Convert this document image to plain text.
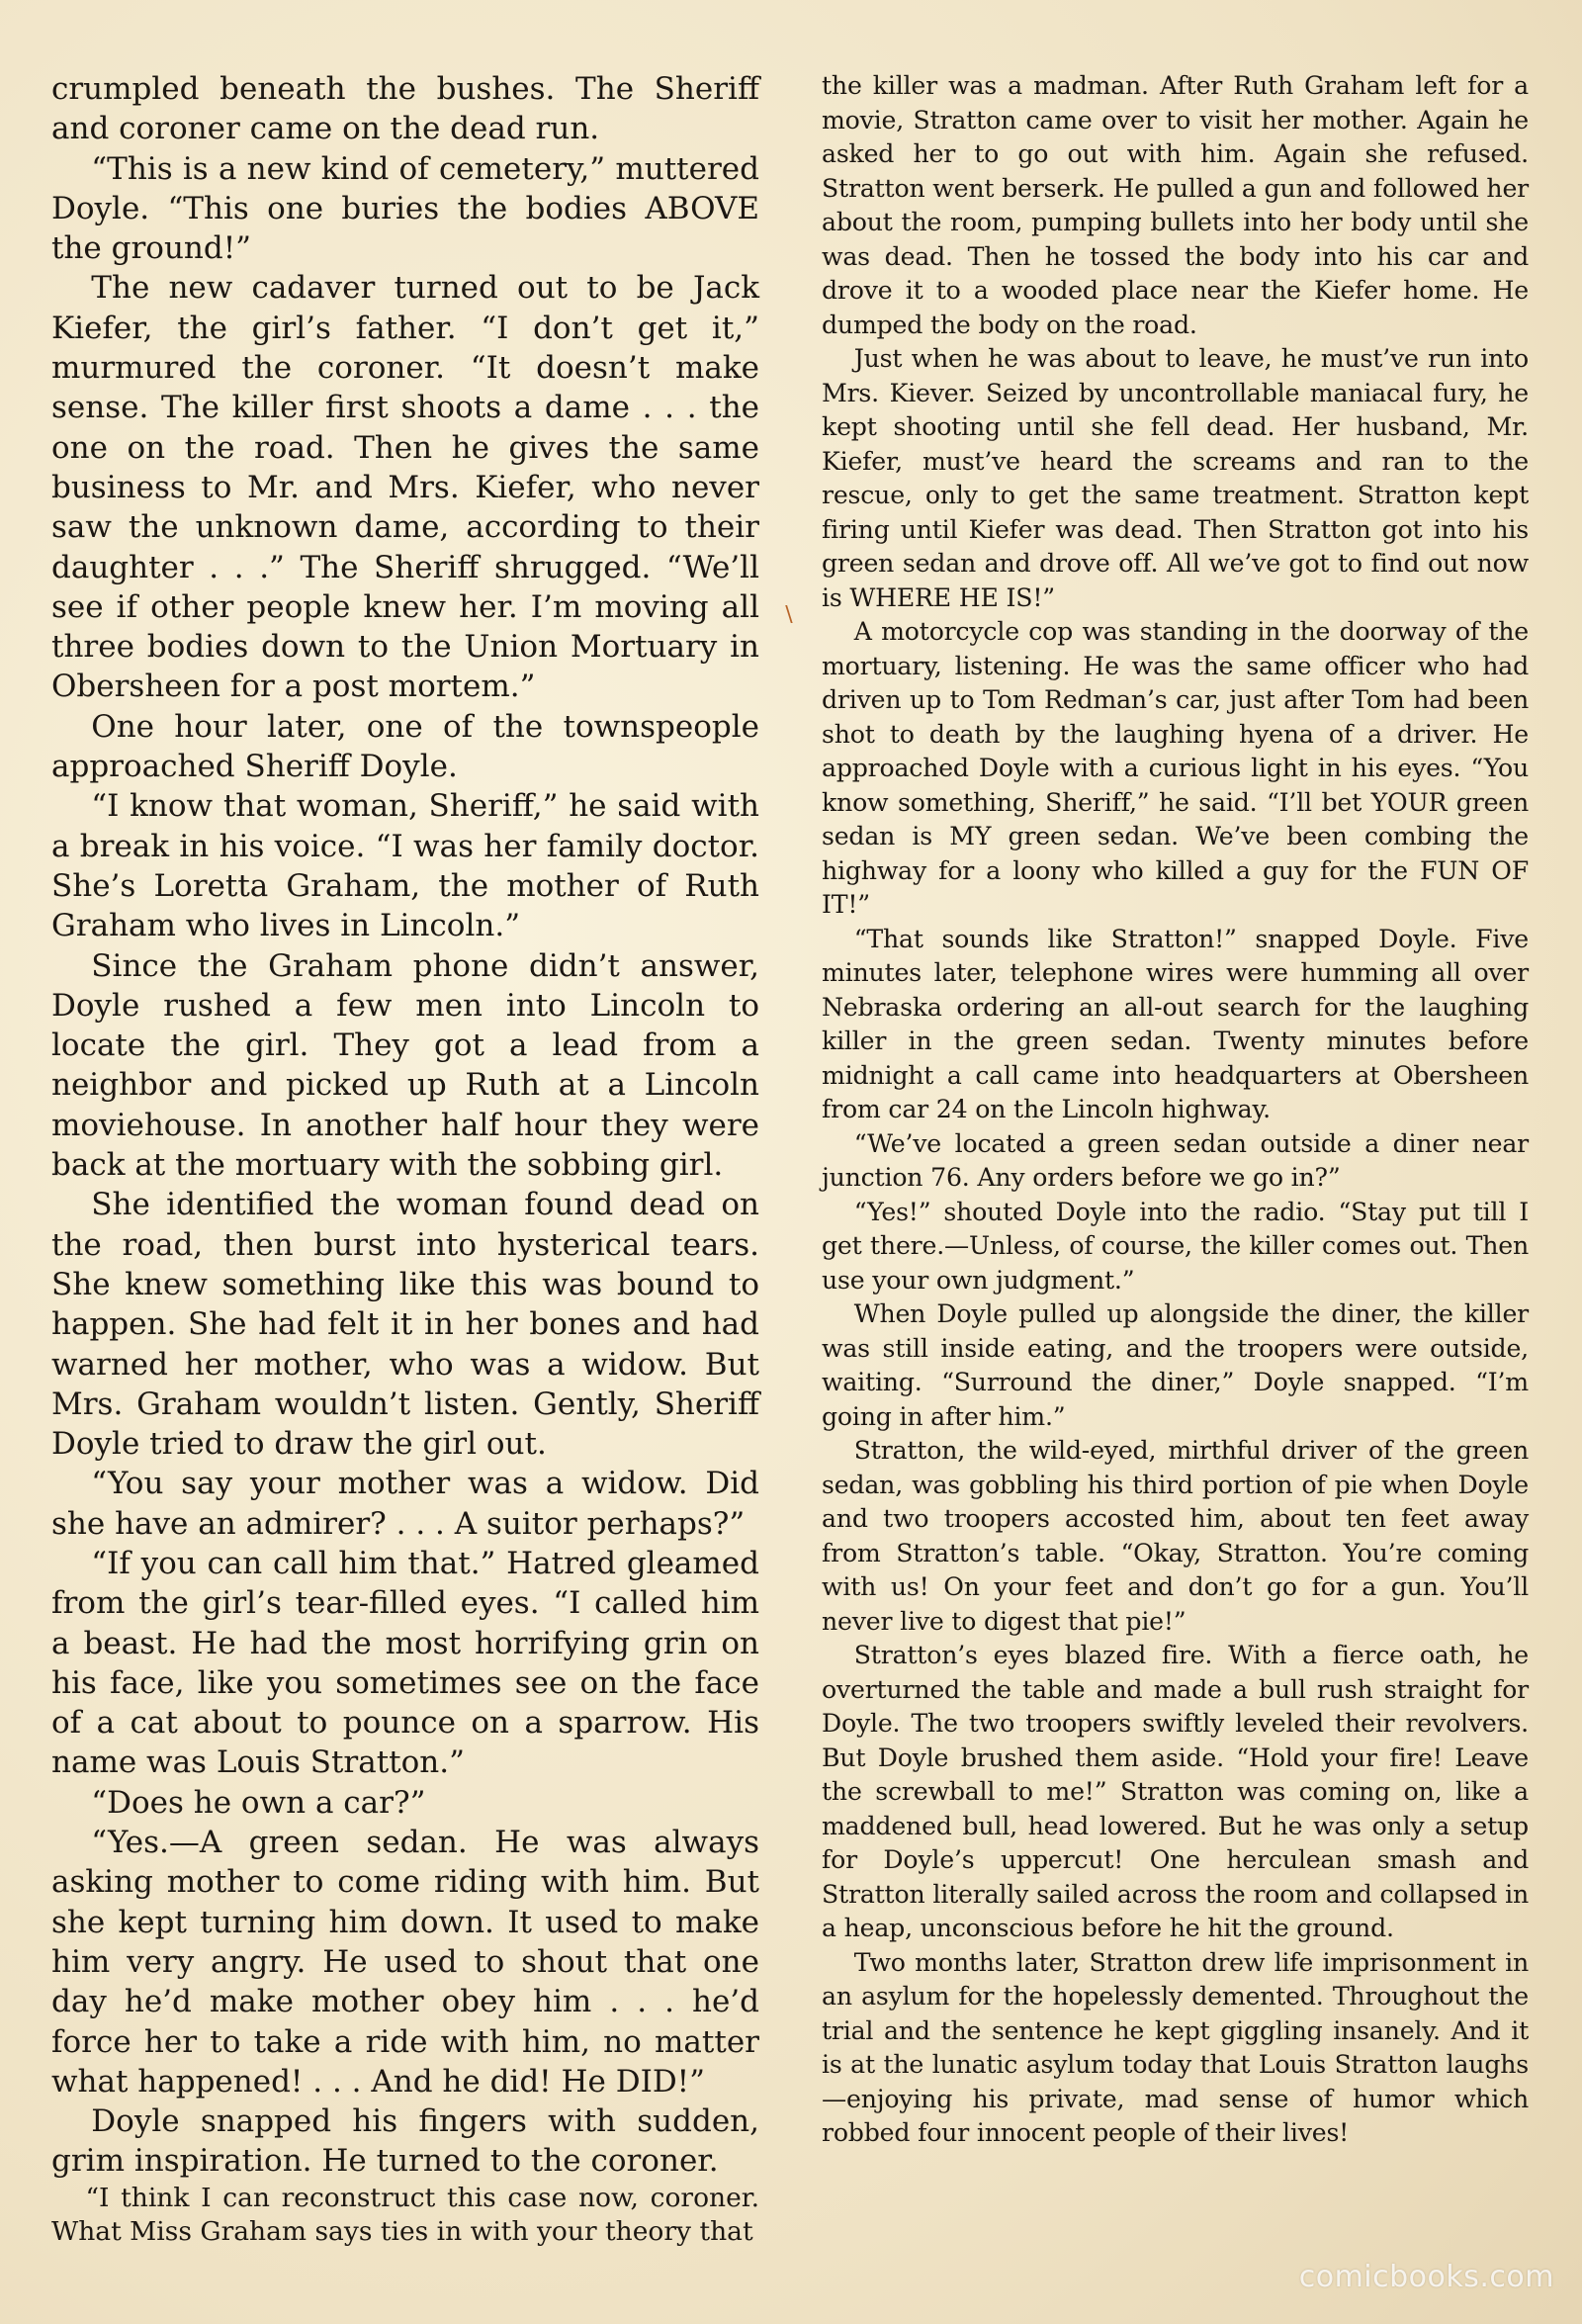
crumpled beneath the bushes. The Sheriff and coroner came on the dead run.

“This is a new kind of cemetery,” muttered Doyle. “This one buries the bodies ABOVE the ground!”

The new cadaver turned out to be Jack Kiefer, the girl’s father. “I don’t get it,” murmured the coroner. “It doesn’t make sense. The killer first shoots a dame . . . the one on the road. Then he gives the same business to Mr. and Mrs. Kiefer, who never saw the unknown dame, according to their daughter . . .” The Sheriff shrugged. “We’ll see if other people knew her. I’m moving all three bodies down to the Union Mortuary in Obersheen for a post mortem.”

One hour later, one of the townspeople approached Sheriff Doyle.

“I know that woman, Sheriff,” he said with a break in his voice. “I was her family doctor. She’s Loretta Graham, the mother of Ruth Graham who lives in Lincoln.”

Since the Graham phone didn’t answer, Doyle rushed a few men into Lincoln to locate the girl. They got a lead from a neighbor and picked up Ruth at a Lincoln moviehouse. In another half hour they were back at the mortuary with the sobbing girl.

She identified the woman found dead on the road, then burst into hysterical tears. She knew something like this was bound to happen. She had felt it in her bones and had warned her mother, who was a widow. But Mrs. Graham wouldn’t listen. Gently, Sheriff Doyle tried to draw the girl out.

“You say your mother was a widow. Did she have an admirer? . . . A suitor perhaps?”

“If you can call him that.” Hatred gleamed from the girl’s tear-filled eyes. “I called him a beast. He had the most horrifying grin on his face, like you sometimes see on the face of a cat about to pounce on a sparrow. His name was Louis Stratton.”

“Does he own a car?”

“Yes.—A green sedan. He was always asking mother to come riding with him. But she kept turning him down. It used to make him very angry. He used to shout that one day he’d make mother obey him . . . he’d force her to take a ride with him, no matter what happened! . . . And he did! He DID!”

Doyle snapped his fingers with sudden, grim inspiration. He turned to the coroner.

“I think I can reconstruct this case now, coroner. What Miss Graham says ties in with your theory that

the killer was a madman. After Ruth Graham left for a movie, Stratton came over to visit her mother. Again he asked her to go out with him. Again she refused. Stratton went berserk. He pulled a gun and followed her about the room, pumping bullets into her body until she was dead. Then he tossed the body into his car and drove it to a wooded place near the Kiefer home. He dumped the body on the road.

Just when he was about to leave, he must’ve run into Mrs. Kiever. Seized by uncontrollable maniacal fury, he kept shooting until she fell dead. Her husband, Mr. Kiefer, must’ve heard the screams and ran to the rescue, only to get the same treatment. Stratton kept firing until Kiefer was dead. Then Stratton got into his green sedan and drove off. All we’ve got to find out now is WHERE HE IS!”

A motorcycle cop was standing in the doorway of the mortuary, listening. He was the same officer who had driven up to Tom Redman’s car, just after Tom had been shot to death by the laughing hyena of a driver. He approached Doyle with a curious light in his eyes. “You know something, Sheriff,” he said. “I’ll bet YOUR green sedan is MY green sedan. We’ve been combing the highway for a loony who killed a guy for the FUN OF IT!”

“That sounds like Stratton!” snapped Doyle. Five minutes later, telephone wires were humming all over Nebraska ordering an all-out search for the laughing killer in the green sedan. Twenty minutes before midnight a call came into headquarters at Obersheen from car 24 on the Lincoln highway.

“We’ve located a green sedan outside a diner near junction 76. Any orders before we go in?”

“Yes!” shouted Doyle into the radio. “Stay put till I get there.—Unless, of course, the killer comes out. Then use your own judgment.”

When Doyle pulled up alongside the diner, the killer was still inside eating, and the troopers were outside, waiting. “Surround the diner,” Doyle snapped. “I’m going in after him.”

Stratton, the wild-eyed, mirthful driver of the green sedan, was gobbling his third portion of pie when Doyle and two troopers accosted him, about ten feet away from Stratton’s table. “Okay, Stratton. You’re coming with us! On your feet and don’t go for a gun. You’ll never live to digest that pie!”

Stratton’s eyes blazed fire. With a fierce oath, he overturned the table and made a bull rush straight for Doyle. The two troopers swiftly leveled their revolvers. But Doyle brushed them aside. “Hold your fire! Leave the screwball to me!” Stratton was coming on, like a maddened bull, head lowered. But he was only a setup for Doyle’s uppercut! One herculean smash and Stratton literally sailed across the room and collapsed in a heap, unconscious before he hit the ground.

Two months later, Stratton drew life imprisonment in an asylum for the hopelessly demented. Throughout the trial and the sentence he kept giggling insanely. And it is at the lunatic asylum today that Louis Stratton laughs—enjoying his private, mad sense of humor which robbed four innocent people of their lives!

∖
comicbooks.com
